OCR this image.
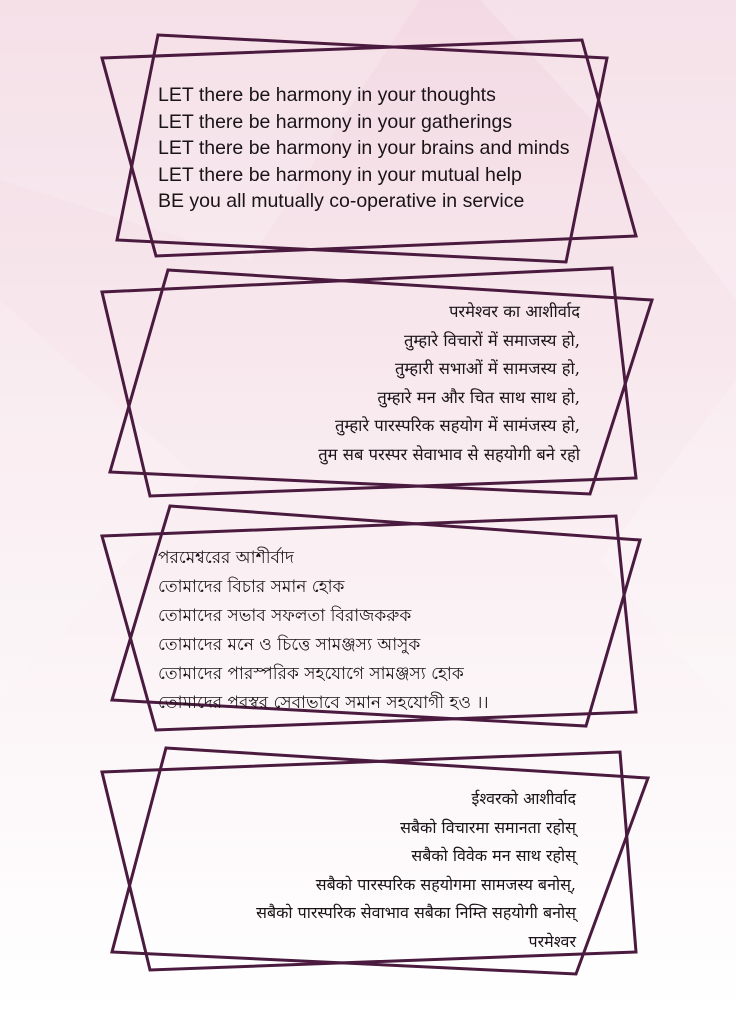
LET there be harmony in your thoughts
LET there be harmony in your gatherings
LET there be harmony in your brains and minds
LET there be harmony in your mutual help
BE you all mutually co-operative in service
परमेश्वर का आशीर्वाद
तुम्हारे विचारों में समाजस्य हो,
तुम्हारी सभाओं में सामजस्य हो,
तुम्हारे मन और चित साथ साथ हो,
तुम्हारे पारस्परिक सहयोग में सामंजस्य हो,
तुम सब परस्पर सेवाभाव से सहयोगी बने रहो
পরমেশ্বরের আশীর্বাদ
তোমাদের বিচার সমান হোক
তোমাদের সভাব সফলতা বিরাজকরুক
তোমাদের মনে ও চিত্তে সামঞ্জস্য আসুক
তোমাদের পারস্পরিক সহযোগে সামঞ্জস্য হোক
তোমাদের পরস্বর সেবাভাবে সমান সহযোগী হও ।।
ईश्वरको आशीर्वाद
सबैको विचारमा समानता रहोस्
सबैको विवेक मन साथ रहोस्
सबैको पारस्परिक सहयोगमा सामजस्य बनोस्,
सबैको पारस्परिक सेवाभाव सबैका निम्ति सहयोगी बनोस्
परमेश्वर
